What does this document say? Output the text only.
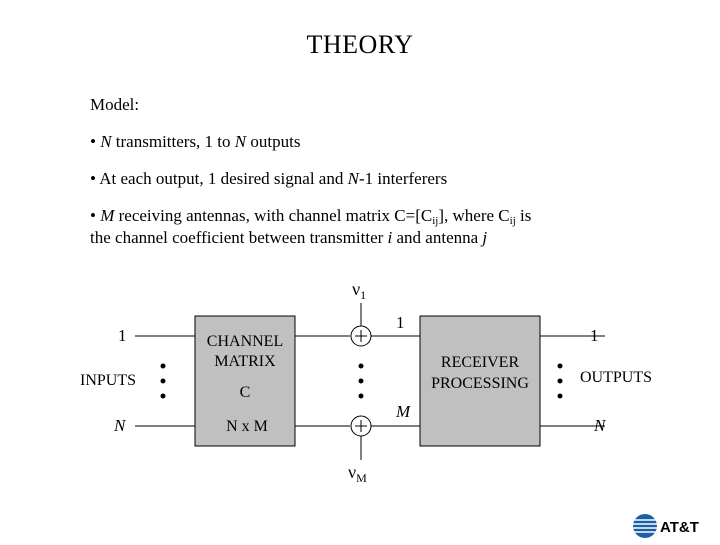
THEORY
Model:
• N transmitters, 1 to N outputs
• At each output, 1 desired signal and N-1 interferers
• M receiving antennas, with channel matrix $C=[C_{ij}]$, where $C_{ij}$ is
the channel coefficient between transmitter i and antenna j
1
N
INPUTS
CHANNEL
MATRIX
C
N x M
$\nu_1$
$\nu_M$
1
M
RECEIVER
PROCESSING
1
N
OUTPUTS
AT&T
